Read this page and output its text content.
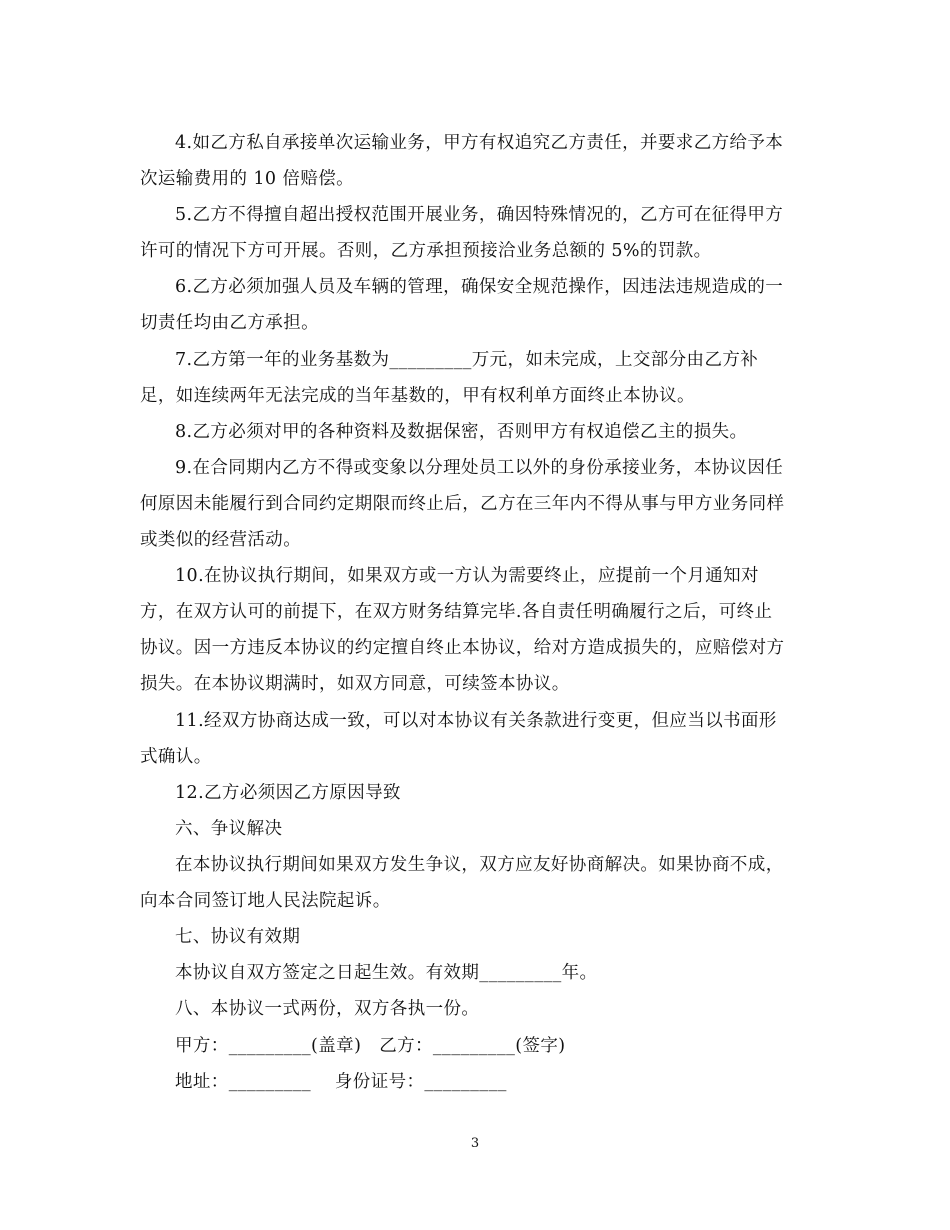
4.如乙方私自承接单次运输业务，甲方有权追究乙方责任，并要求乙方给予本
次运输费用的 10 倍赔偿。
5.乙方不得擅自超出授权范围开展业务，确因特殊情况的，乙方可在征得甲方
许可的情况下方可开展。否则，乙方承担预接洽业务总额的 5%的罚款。
6.乙方必须加强人员及车辆的管理，确保安全规范操作，因违法违规造成的一
切责任均由乙方承担。
7.乙方第一年的业务基数为_________万元，如未完成，上交部分由乙方补
足，如连续两年无法完成的当年基数的，甲有权利单方面终止本协议。
8.乙方必须对甲的各种资料及数据保密，否则甲方有权追偿乙主的损失。
9.在合同期内乙方不得或变象以分理处员工以外的身份承接业务，本协议因任
何原因未能履行到合同约定期限而终止后，乙方在三年内不得从事与甲方业务同样
或类似的经营活动。
10.在协议执行期间，如果双方或一方认为需要终止，应提前一个月通知对
方，在双方认可的前提下，在双方财务结算完毕.各自责任明确履行之后，可终止
协议。因一方违反本协议的约定擅自终止本协议，给对方造成损失的，应赔偿对方
损失。在本协议期满时，如双方同意，可续签本协议。
11.经双方协商达成一致，可以对本协议有关条款进行变更，但应当以书面形
式确认。
12.乙方必须因乙方原因导致
六、争议解决
在本协议执行期间如果双方发生争议，双方应友好协商解决。如果协商不成，
向本合同签订地人民法院起诉。
七、协议有效期
本协议自双方签定之日起生效。有效期_________年。
八、本协议一式两份，双方各执一份。
甲方：_________(盖章)　乙方：_________(签字)
地址：_________　 身份证号：_________
3
